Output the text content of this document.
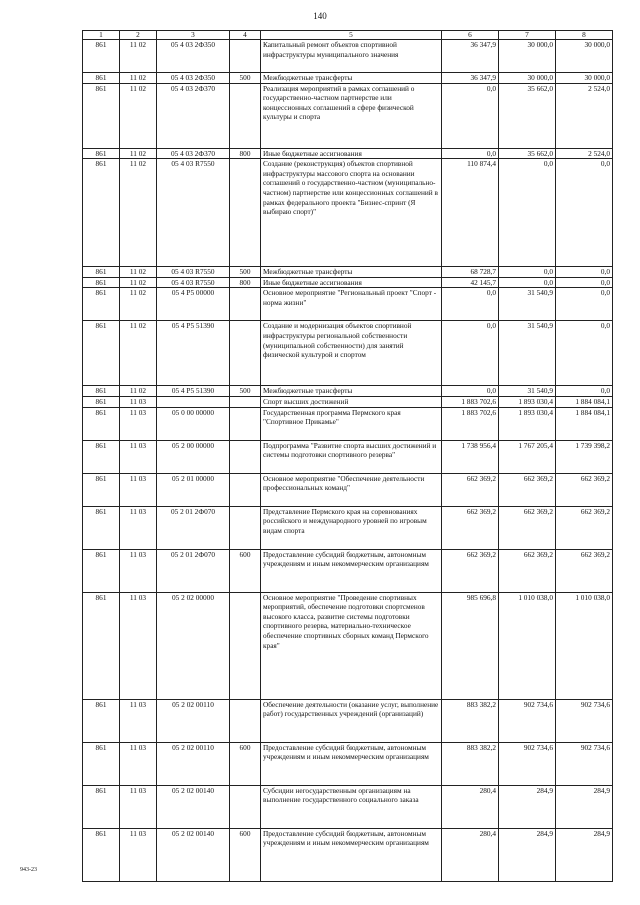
140
1	2	3	4	5	6	7	8
861	11 02	05 4 03 2Ф350		Капитальный ремонт объектов спортивной инфраструктуры муниципального значения	36 347,9	30 000,0	30 000,0
861	11 02	05 4 03 2Ф350	500	Межбюджетные трансферты	36 347,9	30 000,0	30 000,0
861	11 02	05 4 03 2Ф370		Реализация мероприятий в рамках соглашений о государственно-частном партнерстве или концессионных соглашений в сфере физической культуры и спорта	0,0	35 662,0	2 524,0
861	11 02	05 4 03 2Ф370	800	Иные бюджетные ассигнования	0,0	35 662,0	2 524,0
861	11 02	05 4 03 R7550		Создание (реконструкция) объектов спортивной инфраструктуры массового спорта на основании соглашений о государственно-частном (муниципально-частном) партнерстве или концессионных соглашений в рамках федерального проекта "Бизнес-спринт (Я выбираю спорт)"	110 874,4	0,0	0,0
861	11 02	05 4 03 R7550	500	Межбюджетные трансферты	68 728,7	0,0	0,0
861	11 02	05 4 03 R7550	800	Иные бюджетные ассигнования	42 145,7	0,0	0,0
861	11 02	05 4 P5 00000		Основное мероприятие "Региональный проект "Спорт - норма жизни"	0,0	31 540,9	0,0
861	11 02	05 4 P5 51390		Создание и модернизация объектов спортивной инфраструктуры региональной собственности (муниципальной собственности) для занятий физической культурой и спортом	0,0	31 540,9	0,0
861	11 02	05 4 P5 51390	500	Межбюджетные трансферты	0,0	31 540,9	0,0
861	11 03			Спорт высших достижений	1 883 702,6	1 893 030,4	1 884 084,1
861	11 03	05 0 00 00000		Государственная программа Пермского края "Спортивное Прикамье"	1 883 702,6	1 893 030,4	1 884 084,1
861	11 03	05 2 00 00000		Подпрограмма "Развитие спорта высших достижений и системы подготовки спортивного резерва"	1 738 956,4	1 767 205,4	1 739 398,2
861	11 03	05 2 01 00000		Основное мероприятие "Обеспечение деятельности профессиональных команд"	662 369,2	662 369,2	662 369,2
861	11 03	05 2 01 2Ф070		Представление Пермского края на соревнованиях российского и международного уровней по игровым видам спорта	662 369,2	662 369,2	662 369,2
861	11 03	05 2 01 2Ф070	600	Предоставление субсидий бюджетным, автономным учреждениям и иным некоммерческим организациям	662 369,2	662 369,2	662 369,2
861	11 03	05 2 02 00000		Основное мероприятие "Проведение спортивных мероприятий, обеспечение подготовки спортсменов высокого класса, развитие системы подготовки спортивного резерва, материально-техническое обеспечение спортивных сборных команд Пермского края"	985 696,8	1 010 038,0	1 010 038,0
861	11 03	05 2 02 00110		Обеспечение деятельности (оказание услуг, выполнение работ) государственных учреждений (организаций)	883 382,2	902 734,6	902 734,6
861	11 03	05 2 02 00110	600	Предоставление субсидий бюджетным, автономным учреждениям и иным некоммерческим организациям	883 382,2	902 734,6	902 734,6
861	11 03	05 2 02 00140		Субсидии негосударственным организациям на выполнение государственного социального заказа	280,4	284,9	284,9
861	11 03	05 2 02 00140	600	Предоставление субсидий бюджетным, автономным учреждениям и иным некоммерческим организациям	280,4	284,9	284,9
943-23
